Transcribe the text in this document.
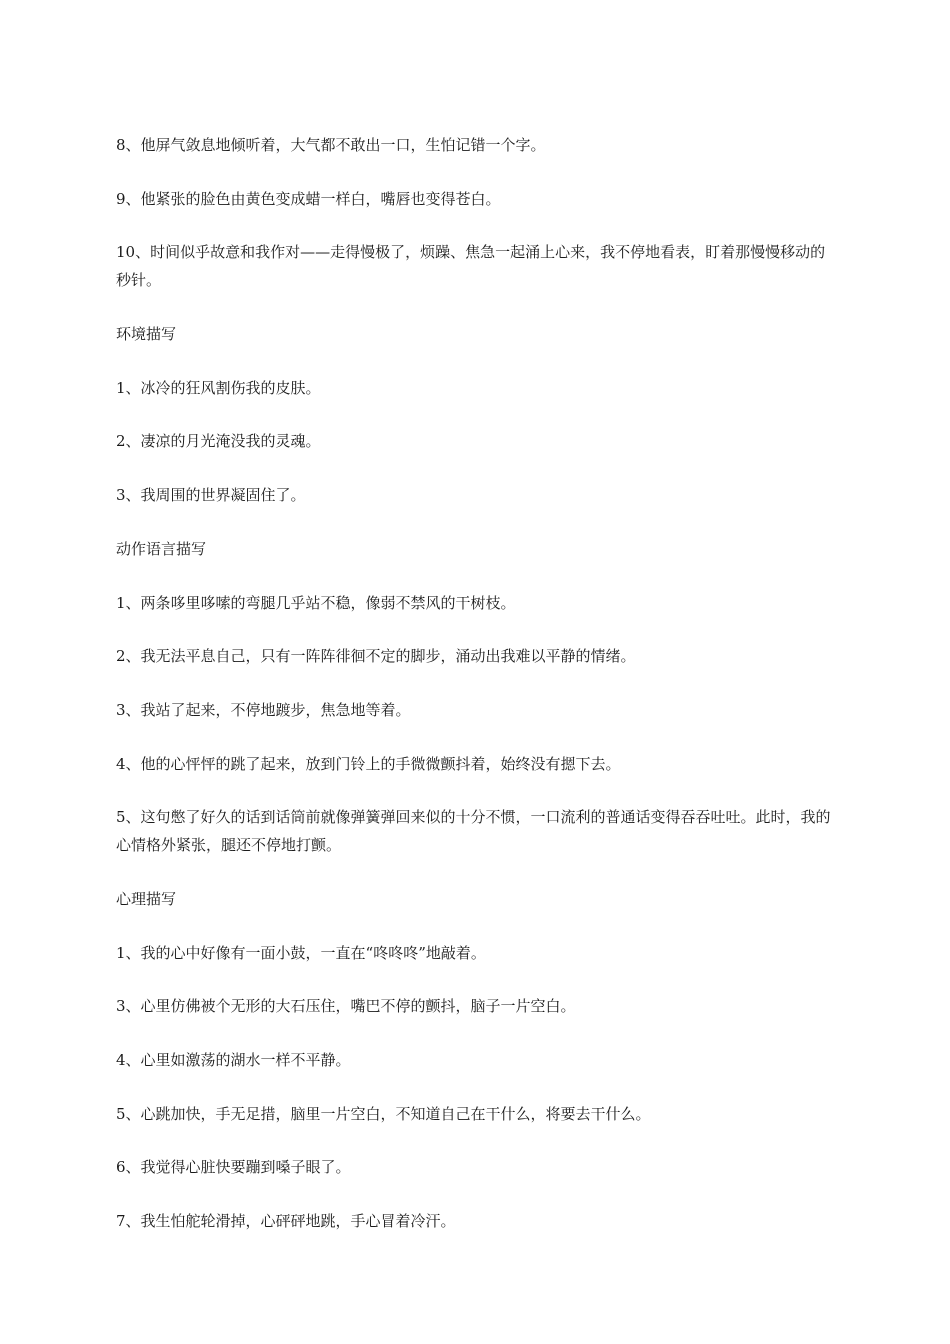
8、他屏气敛息地倾听着，大气都不敢出一口，生怕记错一个字。

9、他紧张的脸色由黄色变成蜡一样白，嘴唇也变得苍白。

10、时间似乎故意和我作对——走得慢极了，烦躁、焦急一起涌上心来，我不停地看表，盯着那慢慢移动的秒针。

环境描写

1、冰冷的狂风割伤我的皮肤。

2、凄凉的月光淹没我的灵魂。

3、我周围的世界凝固住了。

动作语言描写

1、两条哆里哆嗦的弯腿几乎站不稳，像弱不禁风的干树枝。

2、我无法平息自己，只有一阵阵徘徊不定的脚步，涌动出我难以平静的情绪。

3、我站了起来，不停地踱步，焦急地等着。

4、他的心怦怦的跳了起来，放到门铃上的手微微颤抖着，始终没有摁下去。

5、这句憋了好久的话到话筒前就像弹簧弹回来似的十分不惯，一口流利的普通话变得吞吞吐吐。此时，我的心情格外紧张，腿还不停地打颤。

心理描写

1、我的心中好像有一面小鼓，一直在“咚咚咚”地敲着。

3、心里仿佛被个无形的大石压住，嘴巴不停的颤抖，脑子一片空白。

4、心里如激荡的湖水一样不平静。

5、心跳加快，手无足措，脑里一片空白，不知道自己在干什么，将要去干什么。

6、我觉得心脏快要蹦到嗓子眼了。

7、我生怕舵轮滑掉，心砰砰地跳，手心冒着冷汗。
